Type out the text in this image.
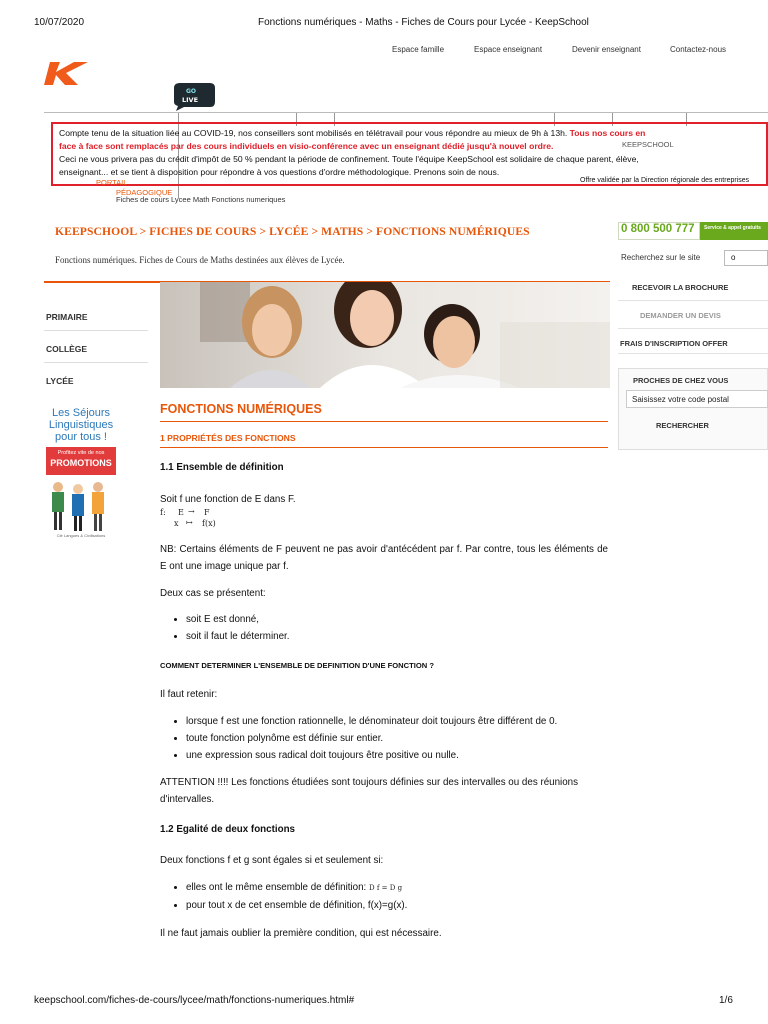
10/07/2020	Fonctions numériques - Maths - Fiches de Cours pour Lycée - KeepSchool
Espace famille	Espace enseignant	Devenir enseignant	Contactez-nous
GO
LIVE
Compte tenu de la situation liée au COVID-19, nos conseillers sont mobilisés en télétravail pour vous répondre au mieux de 9h à 13h. Tous nos cours en
face à face sont remplacés par des cours individuels en visio-conférence avec un enseignant dédié jusqu'à nouvel ordre.
Ceci ne vous privera pas du crédit d'impôt de 50 % pendant la période de confinement. Toute l'équipe KeepSchool est solidaire de chaque parent, élève,
enseignant... et se tient à disposition pour répondre à vos questions d'ordre méthodologique. Prenons soin de nous.
Offre validée par la Direction régionale des entreprises
KEEPSCHOOL
PORTAIL
PÉDAGOGIQUE
Fiches de cours Lycee Math Fonctions numeriques
KEEPSCHOOL > FICHES DE COURS > LYCÉE > MATHS > FONCTIONS NUMÉRIQUES
Fonctions numériques. Fiches de Cours de Maths destinées aux élèves de Lycée.
0 800 500 777	Service & appel gratuits
Recherchez sur le site	o
RECEVOIR LA BROCHURE
DEMANDER UN DEVIS
FRAIS D'INSCRIPTION OFFER
PROCHES DE CHEZ VOUS
Saisissez votre code postal
RECHERCHER
PRIMAIRE
COLLÈGE
LYCÉE
Les Séjours
Linguistiques
pour tous !
Profitez vite de nos
PROMOTIONS
Clé Langues & Civilisations
FONCTIONS NUMÉRIQUES
1 PROPRIÉTÉS DES FONCTIONS
1.1 Ensemble de définition
Soit f une fonction de E dans F.
f: E → F
x ↦ f(x)
NB: Certains éléments de F peuvent ne pas avoir d'antécédent par f. Par contre, tous les éléments de E ont une image unique par f.
Deux cas se présentent:
• soit E est donné,
• soit il faut le déterminer.
COMMENT DETERMINER L'ENSEMBLE DE DEFINITION D'UNE FONCTION ?
Il faut retenir:
• lorsque f est une fonction rationnelle, le dénominateur doit toujours être différent de 0.
• toute fonction polynôme est définie sur entier.
• une expression sous radical doit toujours être positive ou nulle.
ATTENTION !!!! Les fonctions étudiées sont toujours définies sur des intervalles ou des réunions d'intervalles.
1.2 Egalité de deux fonctions
Deux fonctions f et g sont égales si et seulement si:
• elles ont le même ensemble de définition: D f = D g
• pour tout x de cet ensemble de définition, f(x)=g(x).
Il ne faut jamais oublier la première condition, qui est nécessaire.
keepschool.com/fiches-de-cours/lycee/math/fonctions-numeriques.html#	1/6
